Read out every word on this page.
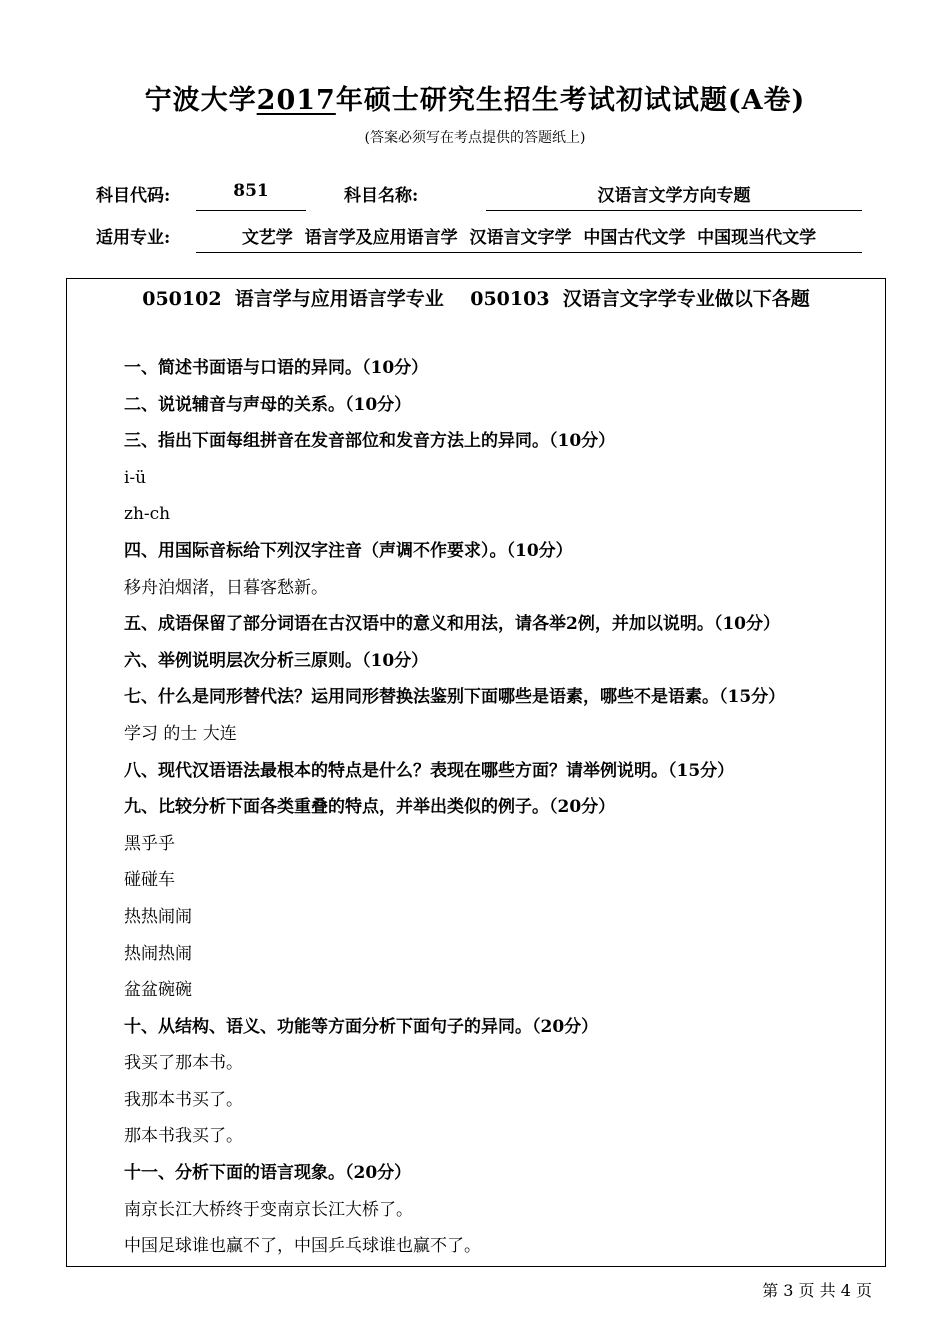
宁波大学2017年硕士研究生招生考试初试试题(A卷)
(答案必须写在考点提供的答题纸上)
科目代码:	851	科目名称:	汉语言文学方向专题
适用专业:	文艺学  语言学及应用语言学  汉语言文字学  中国古代文学  中国现当代文学
050102  语言学与应用语言学专业    050103  汉语言文字学专业做以下各题
一、简述书面语与口语的异同。（10分）
二、说说辅音与声母的关系。（10分）
三、指出下面每组拼音在发音部位和发音方法上的异同。（10分）
i-ü
zh-ch
四、用国际音标给下列汉字注音（声调不作要求）。（10分）
移舟泊烟渚，日暮客愁新。
五、成语保留了部分词语在古汉语中的意义和用法，请各举2例，并加以说明。（10分）
六、举例说明层次分析三原则。（10分）
七、什么是同形替代法？运用同形替换法鉴别下面哪些是语素，哪些不是语素。（15分）
学习 的士 大连
八、现代汉语语法最根本的特点是什么？表现在哪些方面？请举例说明。（15分）
九、比较分析下面各类重叠的特点，并举出类似的例子。（20分）
黑乎乎
碰碰车
热热闹闹
热闹热闹
盆盆碗碗
十、从结构、语义、功能等方面分析下面句子的异同。（20分）
我买了那本书。
我那本书买了。
那本书我买了。
十一、分析下面的语言现象。（20分）
南京长江大桥终于变南京长江大桥了。
中国足球谁也赢不了，中国乒乓球谁也赢不了。
第 3 页 共 4 页
